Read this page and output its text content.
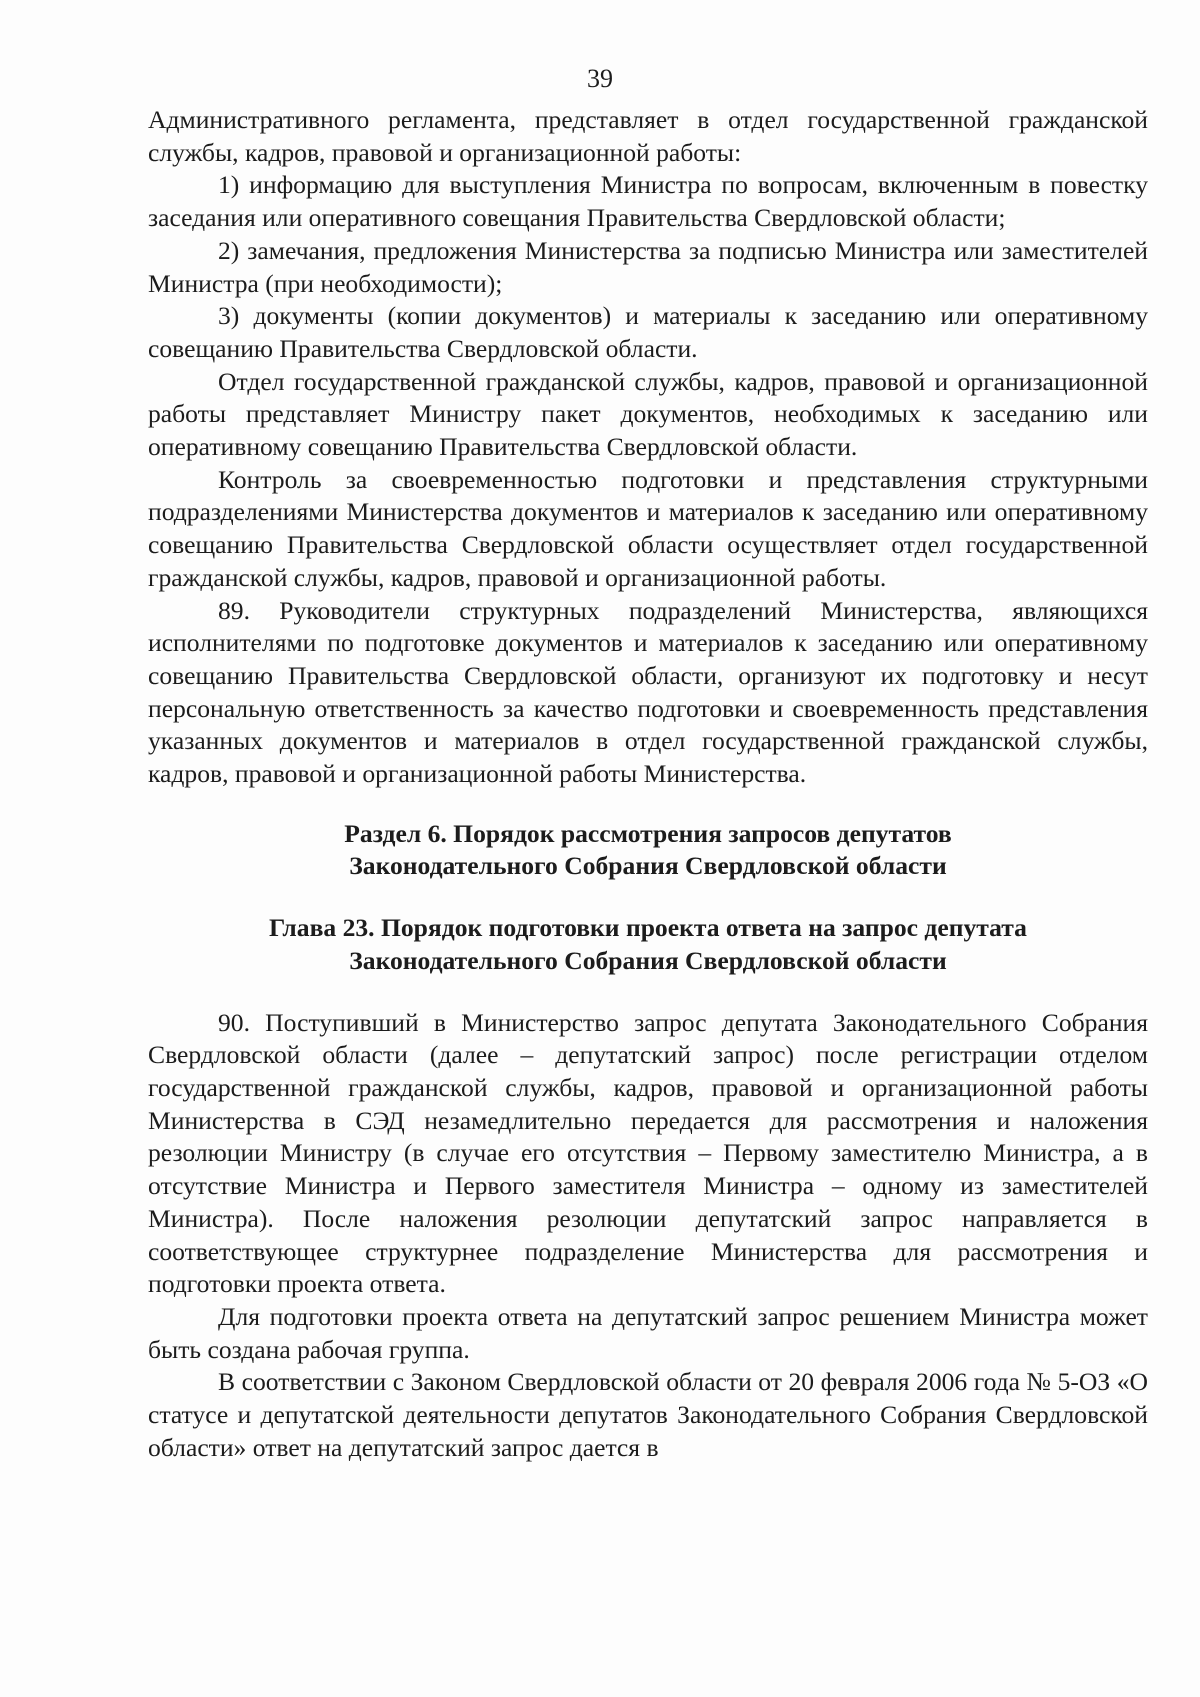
39

Административного регламента, представляет в отдел государственной гражданской службы, кадров, правовой и организационной работы:

1) информацию для выступления Министра по вопросам, включенным в повестку заседания или оперативного совещания Правительства Свердловской области;

2) замечания, предложения Министерства за подписью Министра или заместителей Министра (при необходимости);

3) документы (копии документов) и материалы к заседанию или оперативному совещанию Правительства Свердловской области.

Отдел государственной гражданской службы, кадров, правовой и организационной работы представляет Министру пакет документов, необходимых к заседанию или оперативному совещанию Правительства Свердловской области.

Контроль за своевременностью подготовки и представления структурными подразделениями Министерства документов и материалов к заседанию или оперативному совещанию Правительства Свердловской области осуществляет отдел государственной гражданской службы, кадров, правовой и организационной работы.

89. Руководители структурных подразделений Министерства, являющихся исполнителями по подготовке документов и материалов к заседанию или оперативному совещанию Правительства Свердловской области, организуют их подготовку и несут персональную ответственность за качество подготовки и своевременность представления указанных документов и материалов в отдел государственной гражданской службы, кадров, правовой и организационной работы Министерства.

Раздел 6. Порядок рассмотрения запросов депутатов
Законодательного Собрания Свердловской области
Глава 23. Порядок подготовки проекта ответа на запрос депутата
Законодательного Собрания Свердловской области

90. Поступивший в Министерство запрос депутата Законодательного Собрания Свердловской области (далее – депутатский запрос) после регистрации отделом государственной гражданской службы, кадров, правовой и организационной работы Министерства в СЭД незамедлительно передается для рассмотрения и наложения резолюции Министру (в случае его отсутствия – Первому заместителю Министра, а в отсутствие Министра и Первого заместителя Министра – одному из заместителей Министра). После наложения резолюции депутатский запрос направляется в соответствующее структурнее подразделение Министерства для рассмотрения и подготовки проекта ответа.

Для подготовки проекта ответа на депутатский запрос решением Министра может быть создана рабочая группа.

В соответствии с Законом Свердловской области от 20 февраля 2006 года № 5-ОЗ «О статусе и депутатской деятельности депутатов Законодательного Собрания Свердловской области» ответ на депутатский запрос дается в
